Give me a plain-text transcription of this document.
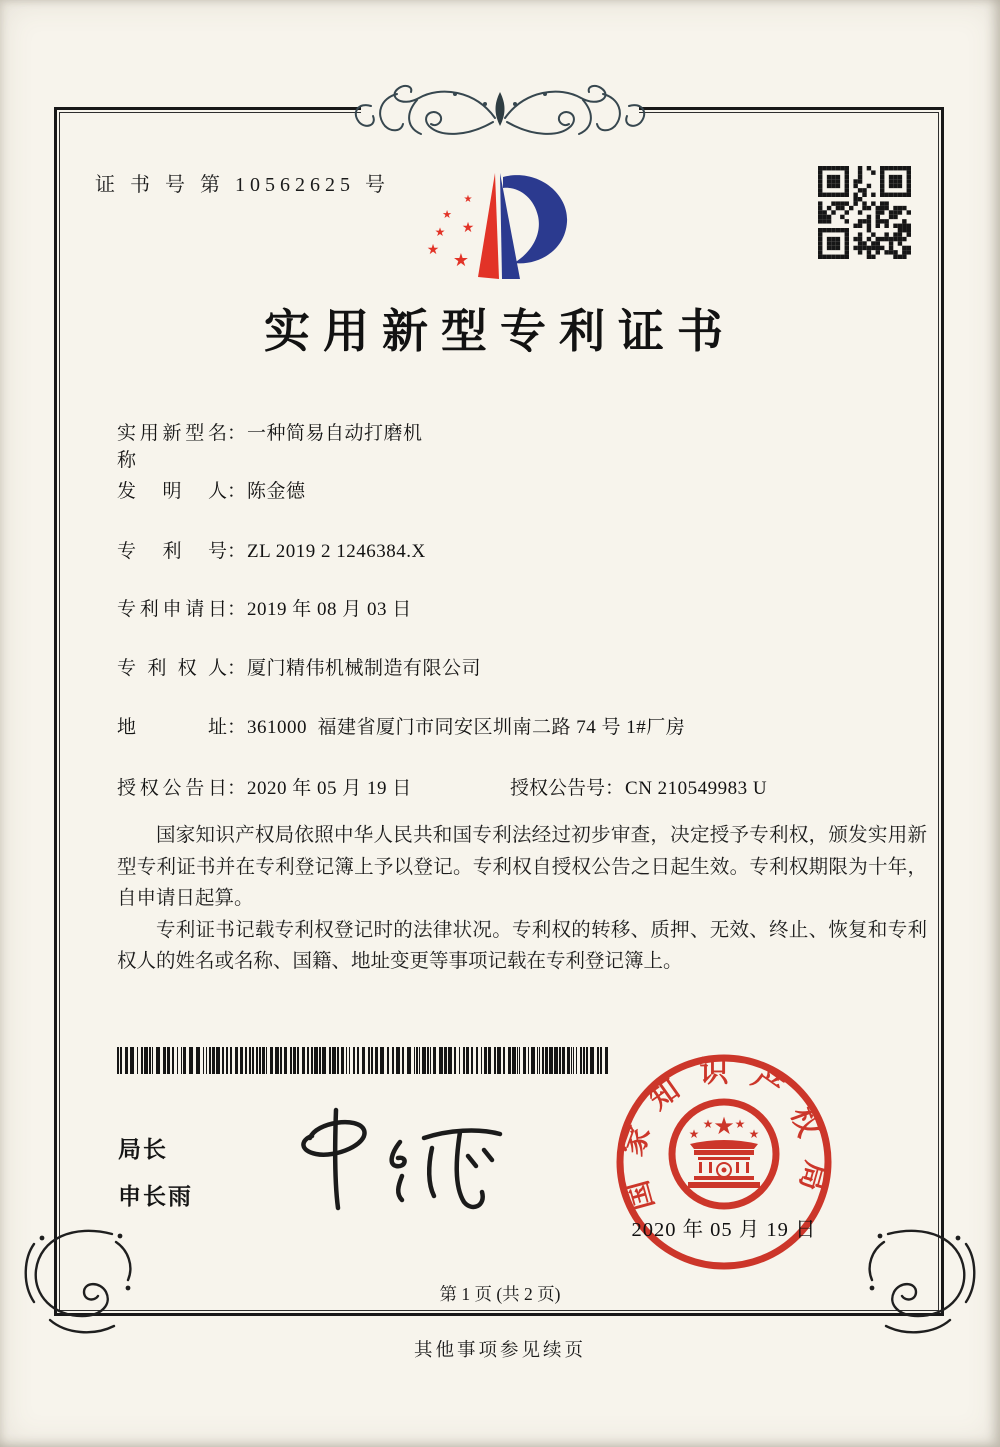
证 书 号 第 10562625 号
★
★
★ ★
★ ★
实用新型专利证书
实用新型名称：一种简易自动打磨机
发明人：陈金德
专利号：ZL 2019 2 1246384.X
专利申请日：2019 年 08 月 03 日
专利权人：厦门精伟机械制造有限公司
地址：361000  福建省厦门市同安区圳南二路 74 号 1#厂房
授权公告日：2020 年 05 月 19 日	授权公告号：CN 210549983 U

国家知识产权局依照中华人民共和国专利法经过初步审查，决定授予专利权，颁发实用新型专利证书并在专利登记簿上予以登记。专利权自授权公告之日起生效。专利权期限为十年，自申请日起算。

专利证书记载专利权登记时的法律状况。专利权的转移、质押、无效、终止、恢复和专利权人的姓名或名称、国籍、地址变更等事项记载在专利登记簿上。

局长
申长雨	国家知识产权局
★
★
★ ★
★
2020 年 05 月 19 日
第 1 页 (共 2 页)
其他事项参见续页
